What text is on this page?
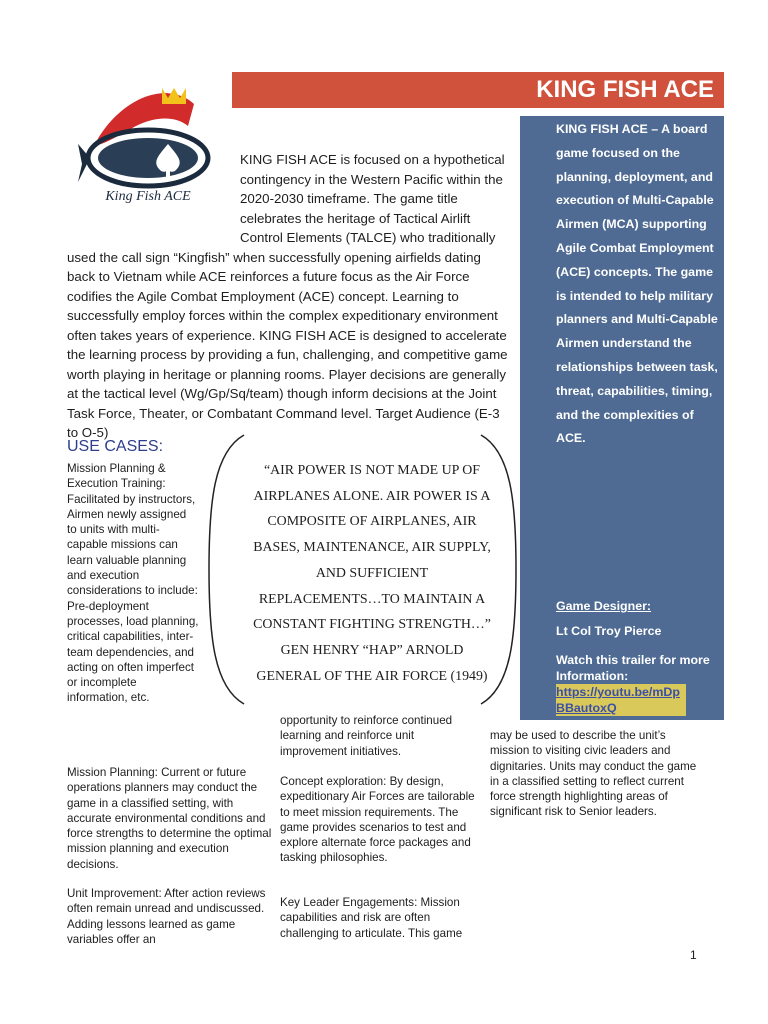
KING FISH ACE
King Fish ACE

KING FISH ACE is focused on a hypothetical contingency in the Western Pacific within the 2020-2030 timeframe. The game title celebrates the heritage of Tactical Airlift Control Elements (TALCE) who traditionally used the call sign “Kingfish” when successfully opening airfields dating back to Vietnam while ACE reinforces a future focus as the Air Force codifies the Agile Combat Employment (ACE) concept. Learning to successfully employ forces within the complex expeditionary environment often takes years of experience. KING FISH ACE is designed to accelerate the learning process by providing a fun, challenging, and competitive game worth playing in heritage or planning rooms. Player decisions are generally at the tactical level (Wg/Gp/Sq/team) though inform decisions at the Joint Task Force, Theater, or Combatant Command level. Target Audience (E-3 to O-5)

KING FISH ACE – A board game focused on the planning, deployment, and execution of Multi-Capable Airmen (MCA) supporting Agile Combat Employment (ACE) concepts. The game is intended to help military planners and Multi-Capable Airmen understand the relationships between task, threat, capabilities, timing, and the complexities of ACE.
Game Designer:
Lt Col Troy Pierce
Watch this trailer for more Information:
https://youtu.be/mDpBBautoxQ
USE CASES:

Mission Planning & Execution Training: Facilitated by instructors, Airmen newly assigned to units with multi-capable missions can learn valuable planning and execution considerations to include: Pre-deployment processes, load planning, critical capabilities, inter-team dependencies, and acting on often imperfect or incomplete information, etc.

Mission Planning: Current or future operations planners may conduct the game in a classified setting, with accurate environmental conditions and force strengths to determine the optimal mission planning and execution decisions.

Unit Improvement: After action reviews often remain unread and undiscussed. Adding lessons learned as game variables offer an

opportunity to reinforce continued learning and reinforce unit improvement initiatives.

Concept exploration: By design, expeditionary Air Forces are tailorable to meet mission requirements. The game provides scenarios to test and explore alternate force packages and tasking philosophies.

Key Leader Engagements: Mission capabilities and risk are often challenging to articulate. This game

may be used to describe the unit’s mission to visiting civic leaders and dignitaries. Units may conduct the game in a classified setting to reflect current force strength highlighting areas of significant risk to Senior leaders.

“AIR POWER IS NOT MADE UP OF
AIRPLANES ALONE. AIR POWER IS A
COMPOSITE OF AIRPLANES, AIR
BASES, MAINTENANCE, AIR SUPPLY,
AND SUFFICIENT
REPLACEMENTS…TO MAINTAIN A
CONSTANT FIGHTING STRENGTH…”
GEN HENRY “HAP” ARNOLD
GENERAL OF THE AIR FORCE (1949)
1
